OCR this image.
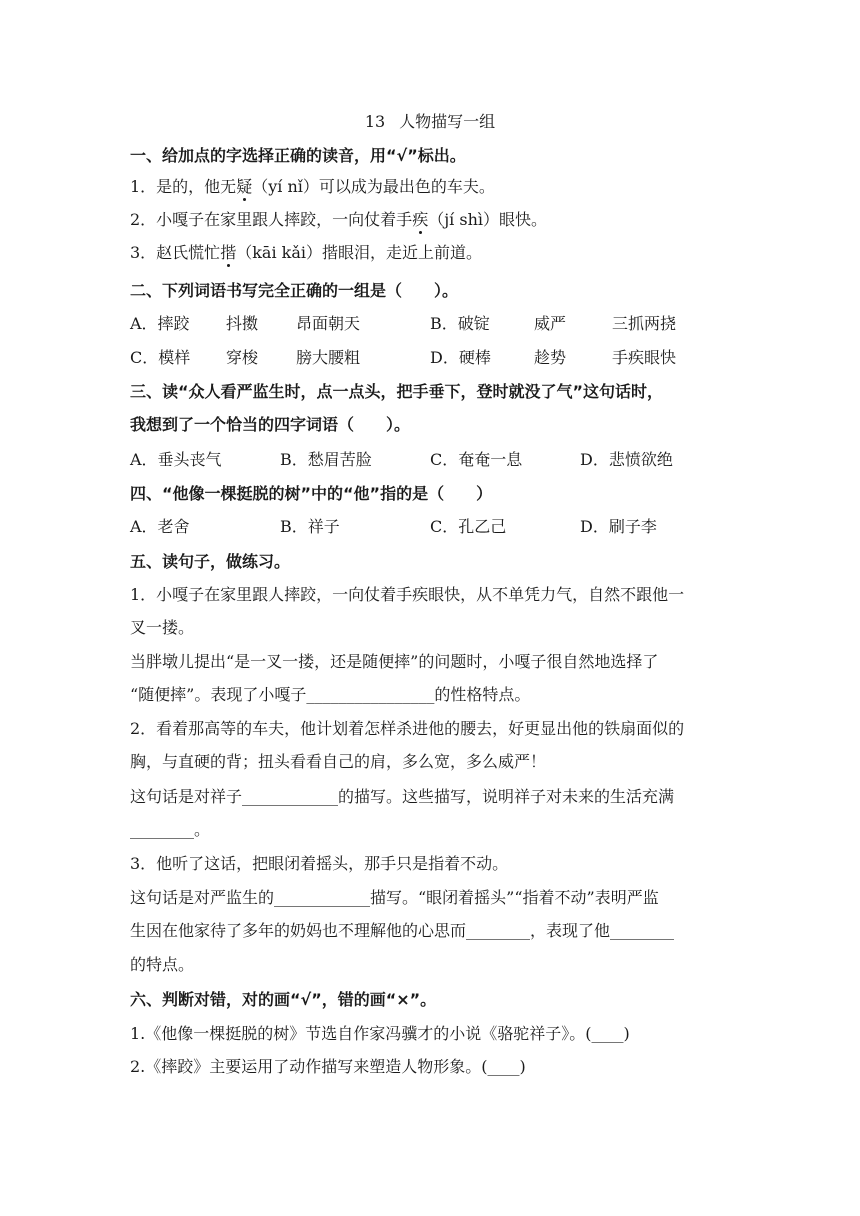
13 人物描写一组
一、给加点的字选择正确的读音，用“√”标出。
1．是的，他无疑（yí nǐ）可以成为最出色的车夫。
2．小嘎子在家里跟人摔跤，一向仗着手疾（jí shì）眼快。
3．赵氏慌忙揩（kāi kǎi）揩眼泪，走近上前道。
二、下列词语书写完全正确的一组是（　　）。
A．摔跤 抖擞 昂面朝天	B．破锭	威严	三抓两挠
C．模样 穿梭 膀大腰粗	D．硬棒	趁势	手疾眼快
三、读“众人看严监生时，点一点头，把手垂下，登时就没了气”这句话时，
我想到了一个恰当的四字词语（　　）。
A．垂头丧气	B．愁眉苦脸	C．奄奄一息	D．悲愤欲绝
四、“他像一棵挺脱的树”中的“他”指的是（　　）
A．老舍	B．祥子	C．孔乙己	D．刷子李
五、读句子，做练习。
1．小嘎子在家里跟人摔跤，一向仗着手疾眼快，从不单凭力气，自然不跟他一
叉一搂。
当胖墩儿提出“是一叉一搂，还是随便摔”的问题时，小嘎子很自然地选择了
“随便摔”。表现了小嘎子________________的性格特点。
2．看着那高等的车夫，他计划着怎样杀进他的腰去，好更显出他的铁扇面似的
胸，与直硬的背；扭头看看自己的肩，多么宽，多么威严！
这句话是对祥子____________的描写。这些描写，说明祥子对未来的生活充满
________。
3．他听了这话，把眼闭着摇头，那手只是指着不动。
这句话是对严监生的____________描写。“眼闭着摇头”“指着不动”表明严监
生因在他家待了多年的奶妈也不理解他的心思而________，表现了他________
的特点。
六、判断对错，对的画“√”，错的画“×”。
1.《他像一棵挺脱的树》节选自作家冯骥才的小说《骆驼祥子》。(____)
2.《摔跤》主要运用了动作描写来塑造人物形象。(____)
